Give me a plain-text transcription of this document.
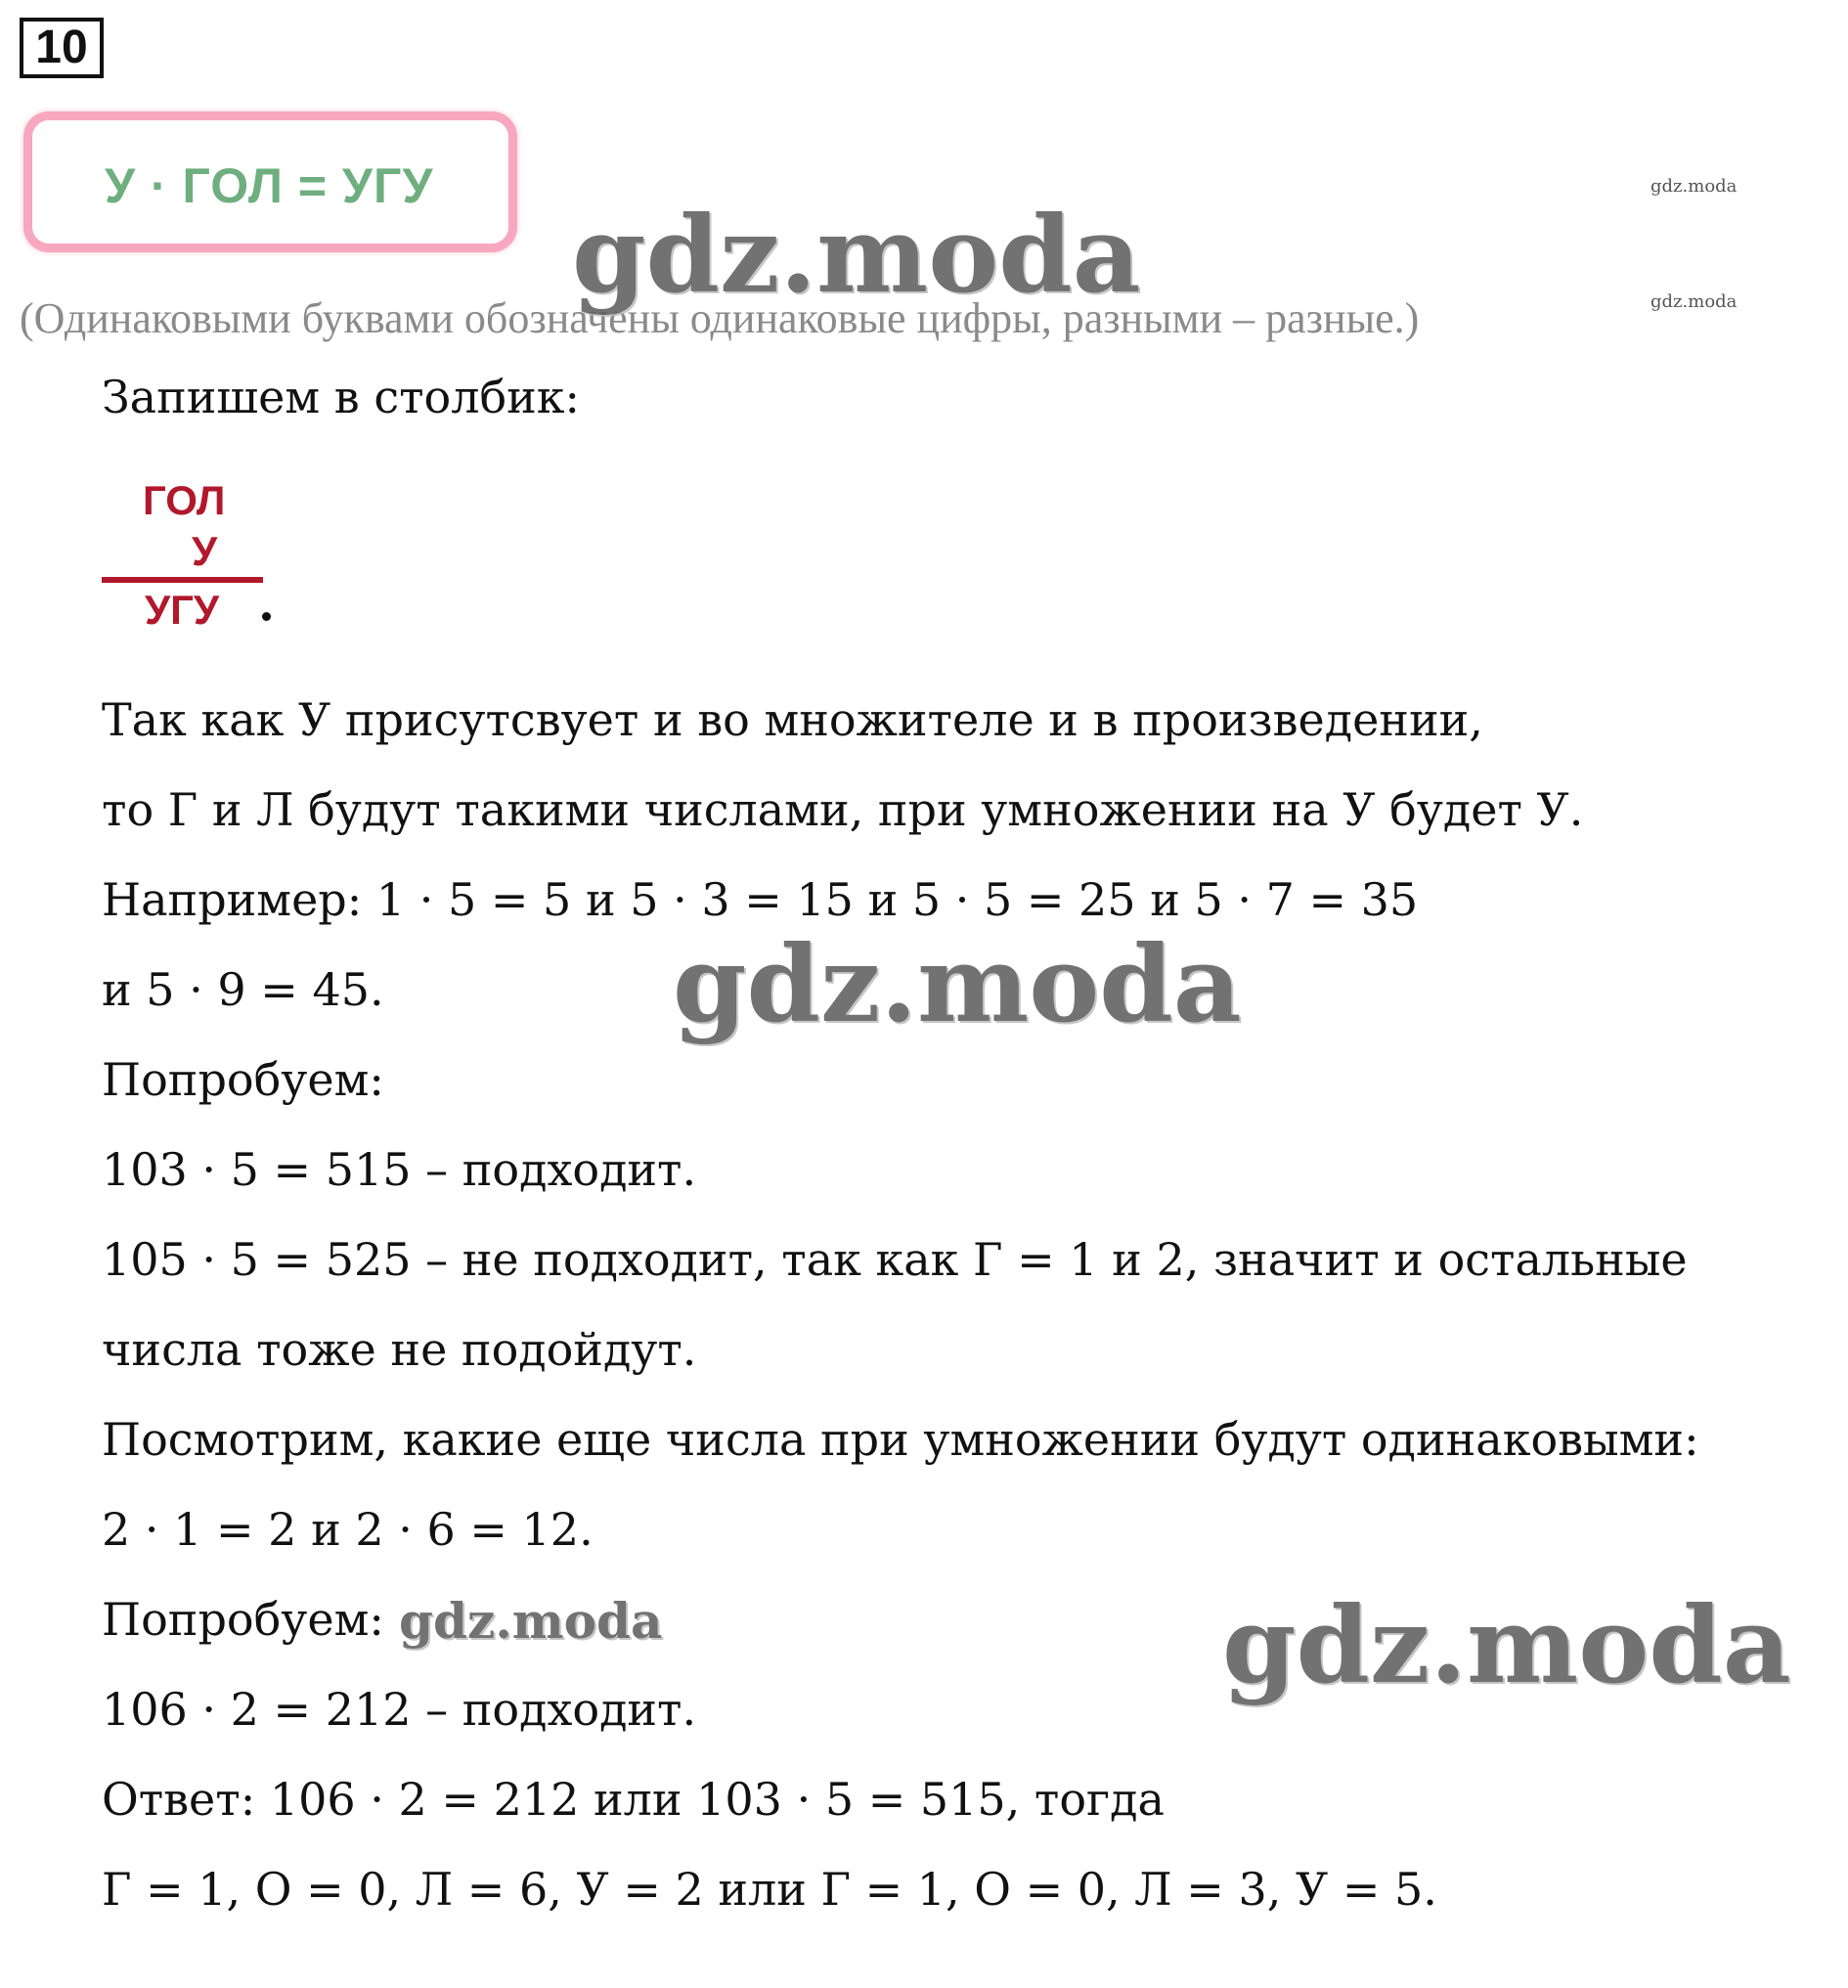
10
У · ГОЛ = УГУ	gdz.moda
gdz.moda
(Одинаковыми буквами обозначены одинаковые цифры, разными – разные.)
gdz.moda
Запишем в столбик:
ГОЛ
У
УГУ
Так как У присутсвует и во множителе и в произведении,
то Г и Л будут такими числами, при умножении на У будет У.
Например: 1 · 5 = 5 и 5 · 3 = 15 и 5 · 5 = 25 и 5 · 7 = 35
и 5 · 9 = 45.	gdz.moda
Попробуем:
103 · 5 = 515 – подходит.
105 · 5 = 525 – не подходит, так как Г = 1 и 2, значит и остальные
числа тоже не подойдут.
Посмотрим, какие еще числа при умножении будут одинаковыми:
2 · 1 = 2 и 2 · 6 = 12.
Попробуем: gdz.moda	gdz.moda
106 · 2 = 212 – подходит.
Ответ: 106 · 2 = 212 или 103 · 5 = 515, тогда
Г = 1, О = 0, Л = 6, У = 2 или Г = 1, О = 0, Л = 3, У = 5.
